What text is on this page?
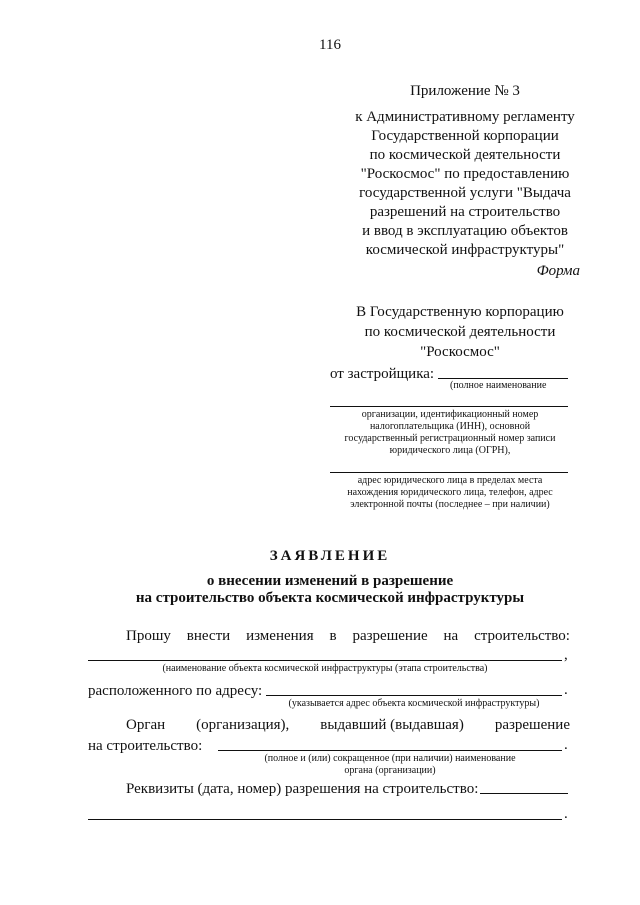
116
Приложение № 3
к Административному регламенту
Государственной корпорации
по космической деятельности
"Роскосмос" по предоставлению
государственной услуги "Выдача
разрешений на строительство
и ввод в эксплуатацию объектов
космической инфраструктуры"
Форма
В Государственную корпорацию
по космической деятельности
"Роскосмос"
от застройщика:
(полное наименование
организации, идентификационный номер
налогоплательщика (ИНН), основной
государственный регистрационный номер записи
юридического лица (ОГРН),
адрес юридического лица в пределах места
нахождения юридического лица, телефон, адрес
электронной почты (последнее – при наличии)
ЗАЯВЛЕНИЕ
о внесении изменений в разрешение
на строительство объекта космической инфраструктуры
Прошу внести изменения в разрешение на строительство:
,
(наименование объекта космической инфраструктуры (этапа строительства)
расположенного по адресу:	.
(указывается адрес объекта космической инфраструктуры)
Орган (организация), выдавший (выдавшая) разрешение
на строительство:	.
(полное и (или) сокращенное (при наличии) наименование
органа (организации)
Реквизиты (дата, номер) разрешения на строительство:
.
